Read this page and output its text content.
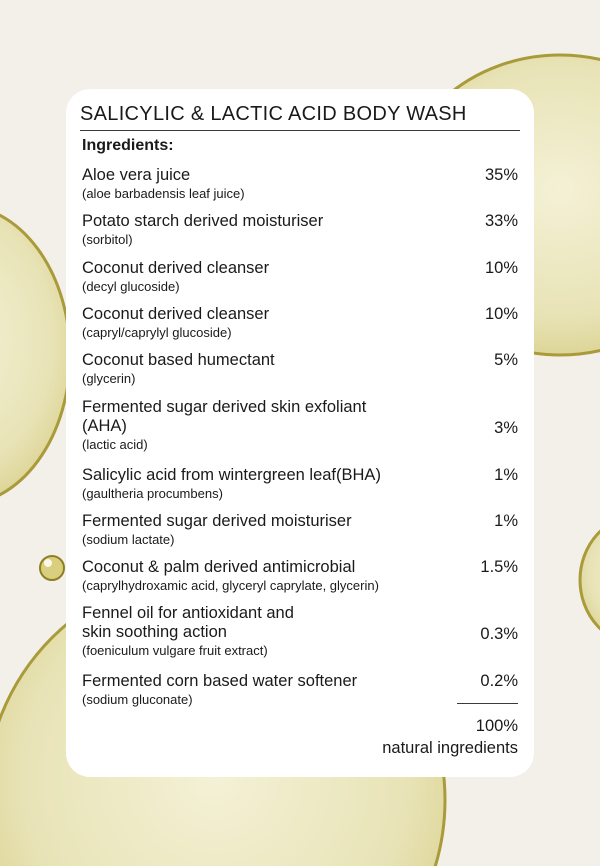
SALICYLIC & LACTIC ACID BODY WASH
Ingredients:
Aloe vera juice
(aloe barbadensis leaf juice)
35%
Potato starch derived moisturiser
(sorbitol)
33%
Coconut derived cleanser
(decyl glucoside)
10%
Coconut derived cleanser
(capryl/caprylyl glucoside)
10%
Coconut based humectant
(glycerin)
5%
Fermented sugar derived skin exfoliant
(AHA)
(lactic acid)
3%
Salicylic acid from wintergreen leaf(BHA)
(gaultheria procumbens)
1%
Fermented sugar derived moisturiser
(sodium lactate)
1%
Coconut & palm derived antimicrobial
(caprylhydroxamic acid, glyceryl caprylate, glycerin)
1.5%
Fennel oil for antioxidant and
skin soothing action
(foeniculum vulgare fruit extract)
0.3%
Fermented corn based water softener
(sodium gluconate)
0.2%
100%
natural ingredients
